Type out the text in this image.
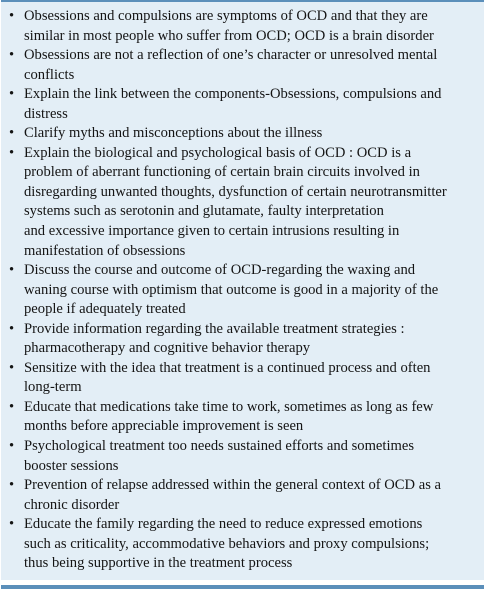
• Obsessions and compulsions are symptoms of OCD and that they are
similar in most people who suffer from OCD; OCD is a brain disorder
• Obsessions are not a reflection of one’s character or unresolved mental
conflicts
• Explain the link between the components-Obsessions, compulsions and
distress
• Clarify myths and misconceptions about the illness
• Explain the biological and psychological basis of OCD : OCD is a
problem of aberrant functioning of certain brain circuits involved in
disregarding unwanted thoughts, dysfunction of certain neurotransmitter
systems such as serotonin and glutamate, faulty interpretation
and excessive importance given to certain intrusions resulting in
manifestation of obsessions
• Discuss the course and outcome of OCD-regarding the waxing and
waning course with optimism that outcome is good in a majority of the
people if adequately treated
• Provide information regarding the available treatment strategies :
pharmacotherapy and cognitive behavior therapy
• Sensitize with the idea that treatment is a continued process and often
long-term
• Educate that medications take time to work, sometimes as long as few
months before appreciable improvement is seen
• Psychological treatment too needs sustained efforts and sometimes
booster sessions
• Prevention of relapse addressed within the general context of OCD as a
chronic disorder
• Educate the family regarding the need to reduce expressed emotions
such as criticality, accommodative behaviors and proxy compulsions;
thus being supportive in the treatment process
